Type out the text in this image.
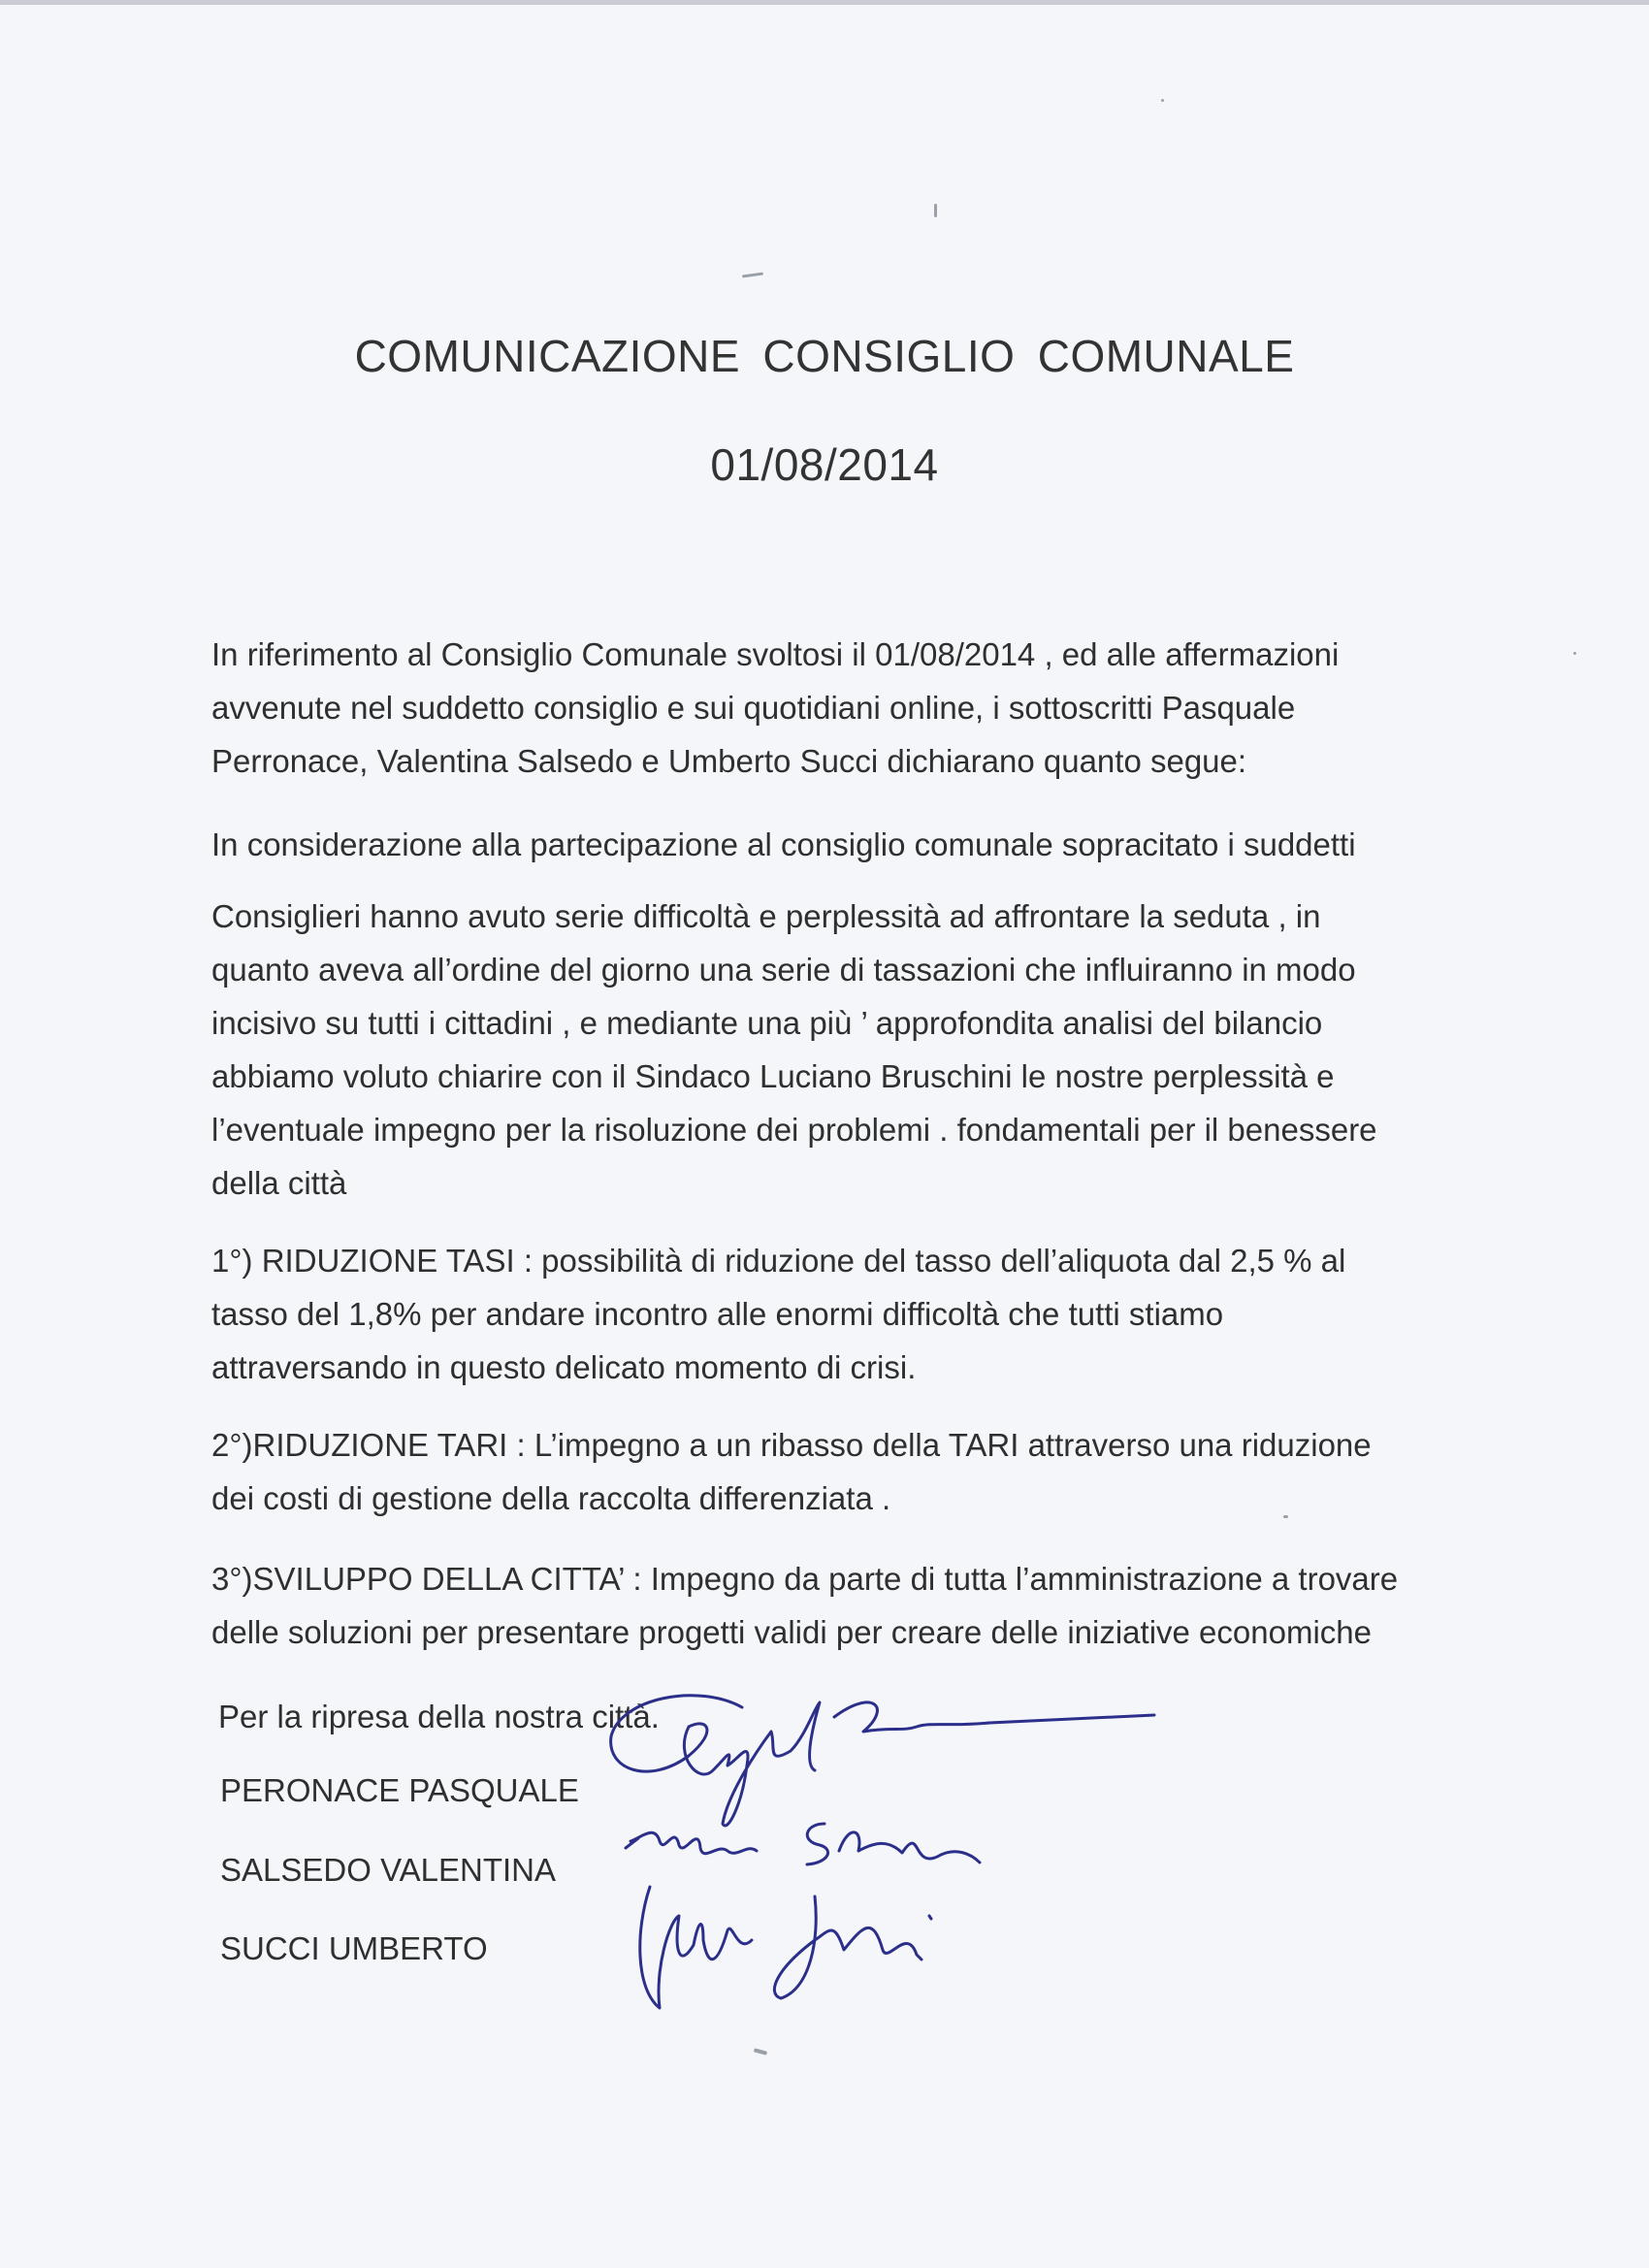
COMUNICAZIONE CONSIGLIO COMUNALE
01/08/2014
In riferimento al Consiglio Comunale svoltosi il 01/08/2014 , ed alle affermazioni
avvenute nel suddetto consiglio e sui quotidiani online, i sottoscritti Pasquale
Perronace, Valentina Salsedo e Umberto Succi dichiarano quanto segue:
In considerazione alla partecipazione al consiglio comunale sopracitato i suddetti
Consiglieri hanno avuto serie difficoltà e perplessità ad affrontare la seduta , in
quanto aveva all’ordine del giorno una serie di tassazioni che influiranno in modo
incisivo su tutti i cittadini , e mediante una più ’ approfondita analisi del bilancio
abbiamo voluto chiarire con il Sindaco Luciano Bruschini le nostre perplessità e
l’eventuale impegno per la risoluzione dei problemi . fondamentali per il benessere
della città
1°) RIDUZIONE TASI : possibilità di riduzione del tasso dell’aliquota dal 2,5 % al
tasso del 1,8% per andare incontro alle enormi difficoltà che tutti stiamo
attraversando in questo delicato momento di crisi.
2°)RIDUZIONE TARI : L’impegno a un ribasso della TARI attraverso una riduzione
dei costi di gestione della raccolta differenziata .
3°)SVILUPPO DELLA CITTA’ : Impegno da parte di tutta l’amministrazione a trovare
delle soluzioni per presentare progetti validi per creare delle iniziative economiche
Per la ripresa della nostra città.
PERONACE PASQUALE
SALSEDO VALENTINA
SUCCI UMBERTO
